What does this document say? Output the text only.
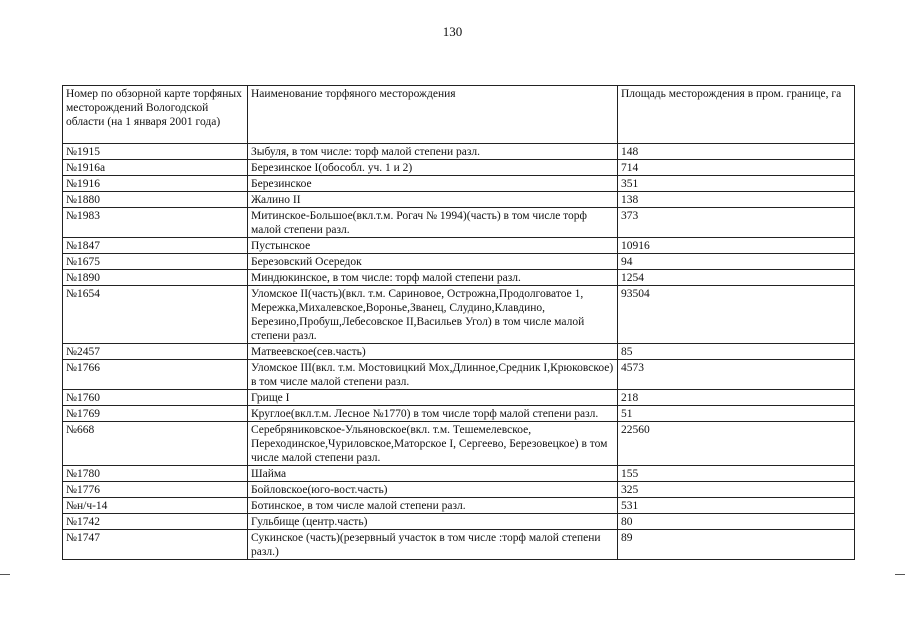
130
Номер по обзорной карте торфяных месторождений Вологодской области (на 1 января 2001 года)	Наименование торфяного месторождения	Площадь месторождения в пром. границе, га
№1915	Зыбуля, в том числе: торф малой степени разл.	148
№1916а	Березинское I(обособл. уч. 1 и 2)	714
№1916	Березинское	351
№1880	Жалино II	138
№1983	Митинское-Большое(вкл.т.м. Рогач № 1994)(часть) в том числе торф малой степени разл.	373
№1847	Пустынское	10916
№1675	Березовский Осередок	94
№1890	Миндюкинское, в том числе: торф малой степени разл.	1254
№1654	Уломское II(часть)(вкл. т.м. Сариновое, Острожна,Продолговатое 1, Мережка,Михалевское,Воронье,Званец, Слудино,Клавдино, Березино,Пробуш,Лебесовское II,Васильев Угол) в том числе малой степени разл.	93504
№2457	Матвеевское(сев.часть)	85
№1766	Уломское III(вкл. т.м. Мостовицкий Мох,Длинное,Средник I,Крюковское) в том числе малой степени разл.	4573
№1760	Грище I	218
№1769	Круглое(вкл.т.м. Лесное №1770) в том числе торф малой степени разл.	51
№668	Серебряниковское-Ульяновское(вкл. т.м. Тешемелевское, Переходинское,Чуриловское,Маторское I, Сергеево, Березовецкое) в том числе малой степени разл.	22560
№1780	Шайма	155
№1776	Бойловское(юго-вост.часть)	325
№н/ч-14	Ботинское, в том числе малой степени разл.	531
№1742	Гульбище (центр.часть)	80
№1747	Сукинское (часть)(резервный участок в том числе :торф малой степени разл.)	89
